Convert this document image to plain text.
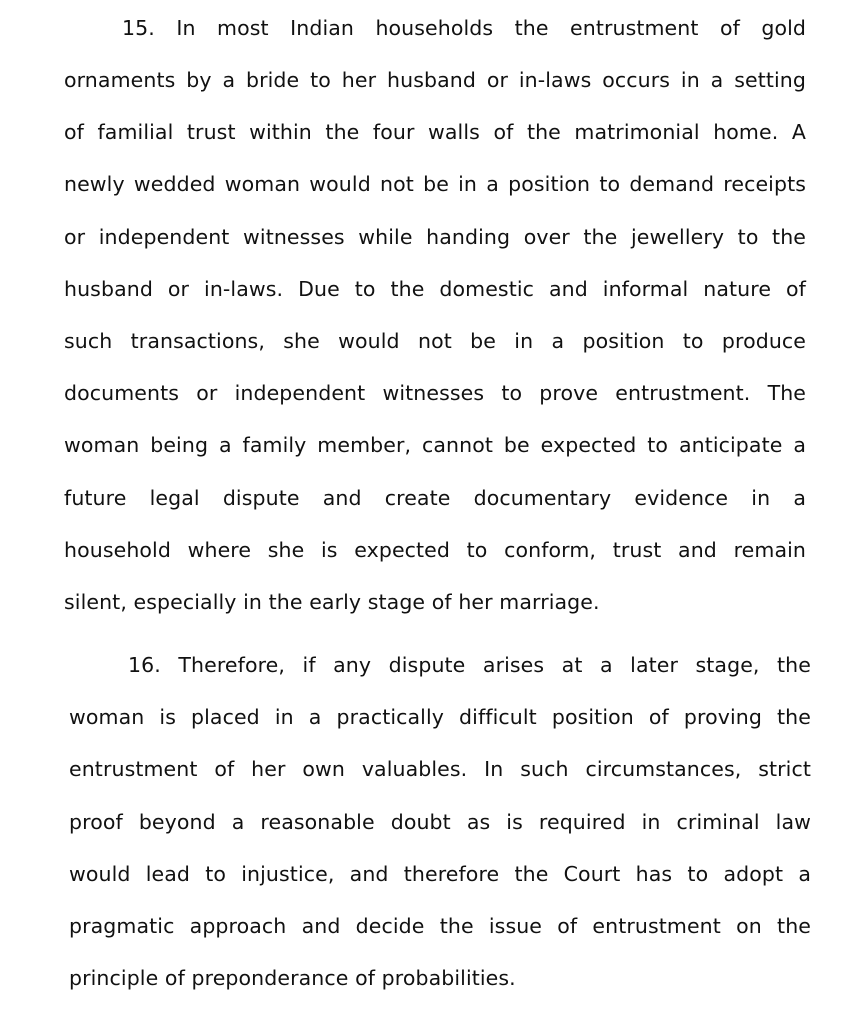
15. In most Indian households the entrustment of gold
ornaments by a bride to her husband or in-laws occurs in a setting
of familial trust within the four walls of the matrimonial home. A
newly wedded woman would not be in a position to demand receipts
or independent witnesses while handing over the jewellery to the
husband or in-laws. Due to the domestic and informal nature of
such transactions, she would not be in a position to produce
documents or independent witnesses to prove entrustment. The
woman being a family member, cannot be expected to anticipate a
future legal dispute and create documentary evidence in a
household where she is expected to conform, trust and remain
silent, especially in the early stage of her marriage.
16. Therefore, if any dispute arises at a later stage, the
woman is placed in a practically difficult position of proving the
entrustment of her own valuables. In such circumstances, strict
proof beyond a reasonable doubt as is required in criminal law
would lead to injustice, and therefore the Court has to adopt a
pragmatic approach and decide the issue of entrustment on the
principle of preponderance of probabilities.
